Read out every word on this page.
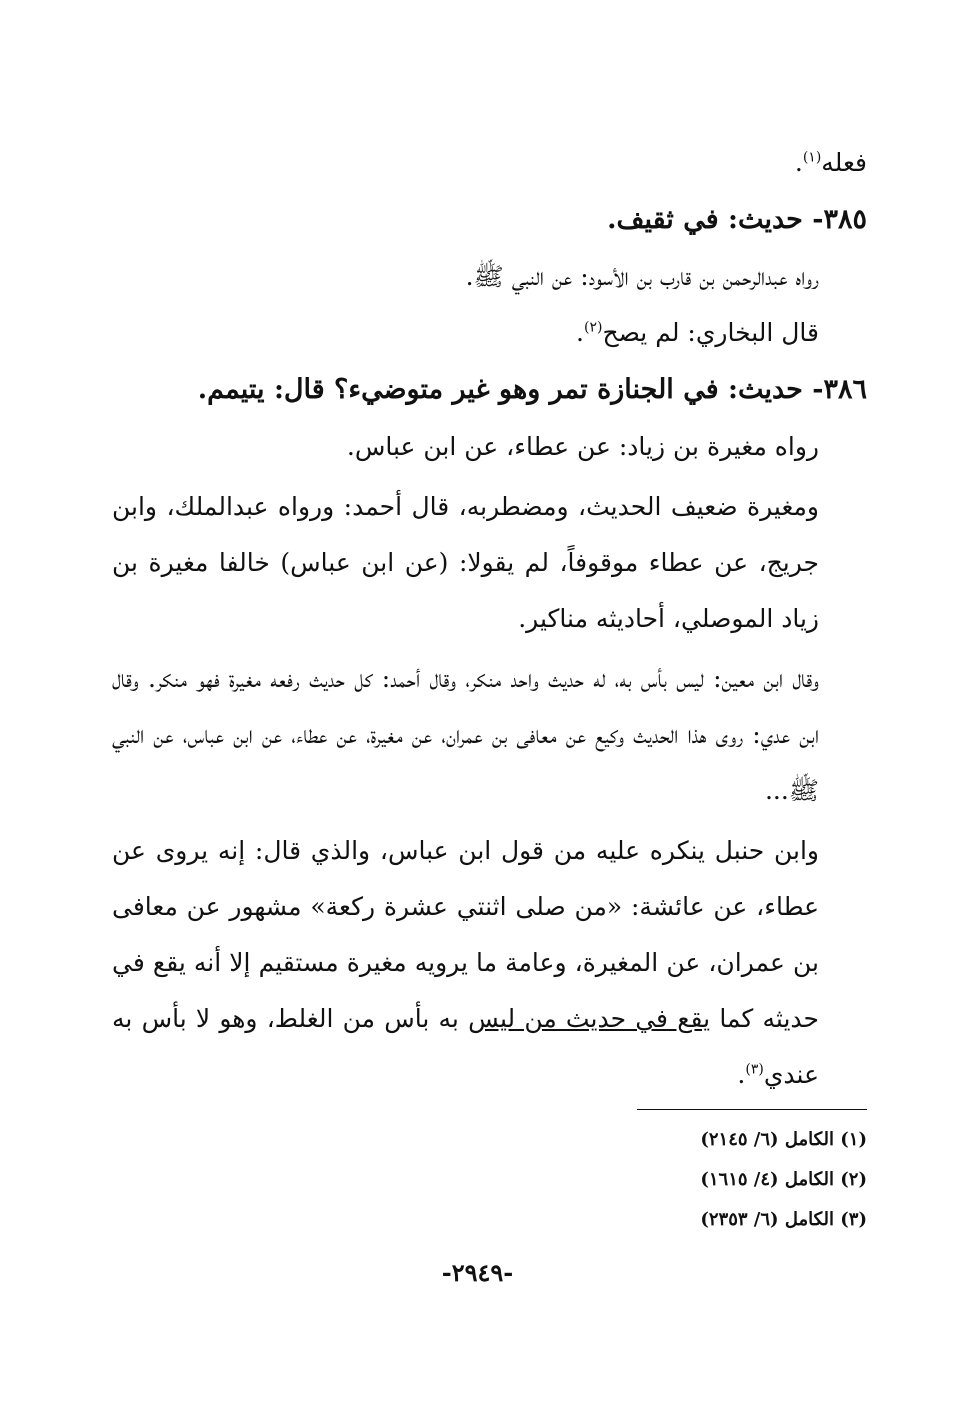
فعله$^{(١)}$.

٣٨٥- حديث: في ثقيف.

رواه عبدالرحمن بن قارب بن الأسود: عن النبي ﷺ.

قال البخاري: لم يصح$^{(٢)}$.

٣٨٦- حديث: في الجنازة تمر وهو غير متوضيء؟ قال: يتيمم.

رواه مغيرة بن زياد: عن عطاء، عن ابن عباس.

ومغيرة ضعيف الحديث، ومضطربه، قال أحمد: ورواه عبدالملك، وابن جريج، عن عطاء موقوفاً، لم يقولا: (عن ابن عباس) خالفا مغيرة بن زياد الموصلي، أحاديثه مناكير.

وقال ابن معين: ليس بأس به، له حديث واحد منكر، وقال أحمد: كل حديث رفعه مغيرة فهو منكر. وقال ابن عدي: روى هذا الحديث وكيع عن معافى بن عمران، عن مغيرة، عن عطاء، عن ابن عباس، عن النبي ﷺ...

وابن حنبل ينكره عليه من قول ابن عباس، والذي قال: إنه يروى عن عطاء، عن عائشة: «من صلى اثنتي عشرة ركعة» مشهور عن معافى بن عمران، عن المغيرة، وعامة ما يرويه مغيرة مستقيم إلا أنه يقع في حديثه كما يقع في حديث من ليس به بأس من الغلط، وهو لا بأس به عندي$^{(٣)}$.

(١) الكامل (٦/ ٢١٤٥)

(٢) الكامل (٤/ ١٦١٥)

(٣) الكامل (٦/ ٢٣٥٣)

-٢٩٤٩-
